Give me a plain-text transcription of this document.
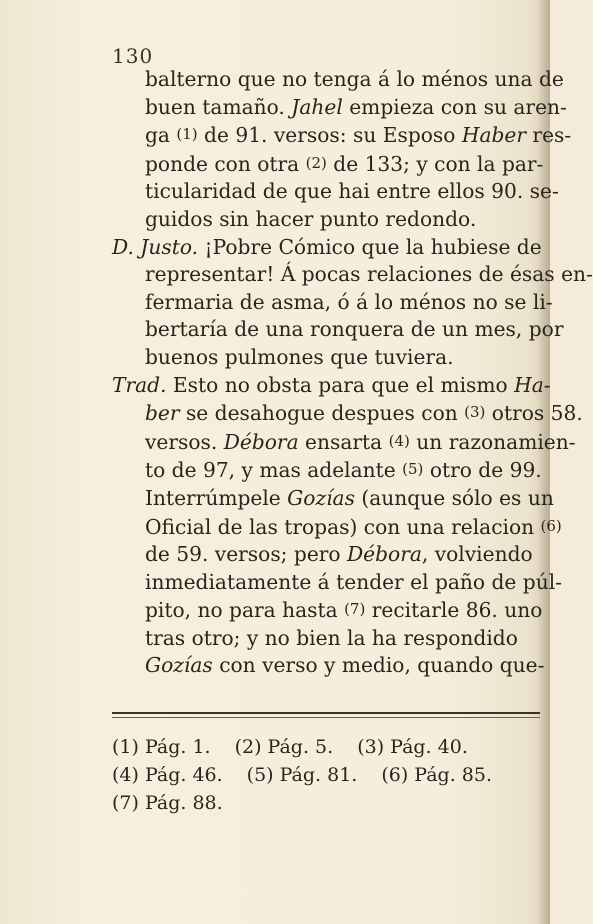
130
balterno que no tenga á lo ménos una de
buen tamaño. Jahel empieza con su aren-
ga (1) de 91. versos: su Esposo Haber res-
ponde con otra (2) de 133; y con la par-
ticularidad de que hai entre ellos 90. se-
guidos sin hacer punto redondo.
D. Justo. ¡Pobre Cómico que la hubiese de
representar! Á pocas relaciones de ésas en-
fermaria de asma, ó á lo ménos no se li-
bertaría de una ronquera de un mes, por
buenos pulmones que tuviera.
Trad. Esto no obsta para que el mismo Ha-
ber se desahogue despues con (3) otros 58.
versos. Débora ensarta (4) un razonamien-
to de 97, y mas adelante (5) otro de 99.
Interrúmpele Gozías (aunque sólo es un
Oficial de las tropas) con una relacion (6)
de 59. versos; pero Débora, volviendo
inmediatamente á tender el paño de púl-
pito, no para hasta (7) recitarle 86. uno
tras otro; y no bien la ha respondido
Gozías con verso y medio, quando que-
(1) Pág. 1. (2) Pág. 5. (3) Pág. 40.
(4) Pág. 46. (5) Pág. 81. (6) Pág. 85.
(7) Pág. 88.
